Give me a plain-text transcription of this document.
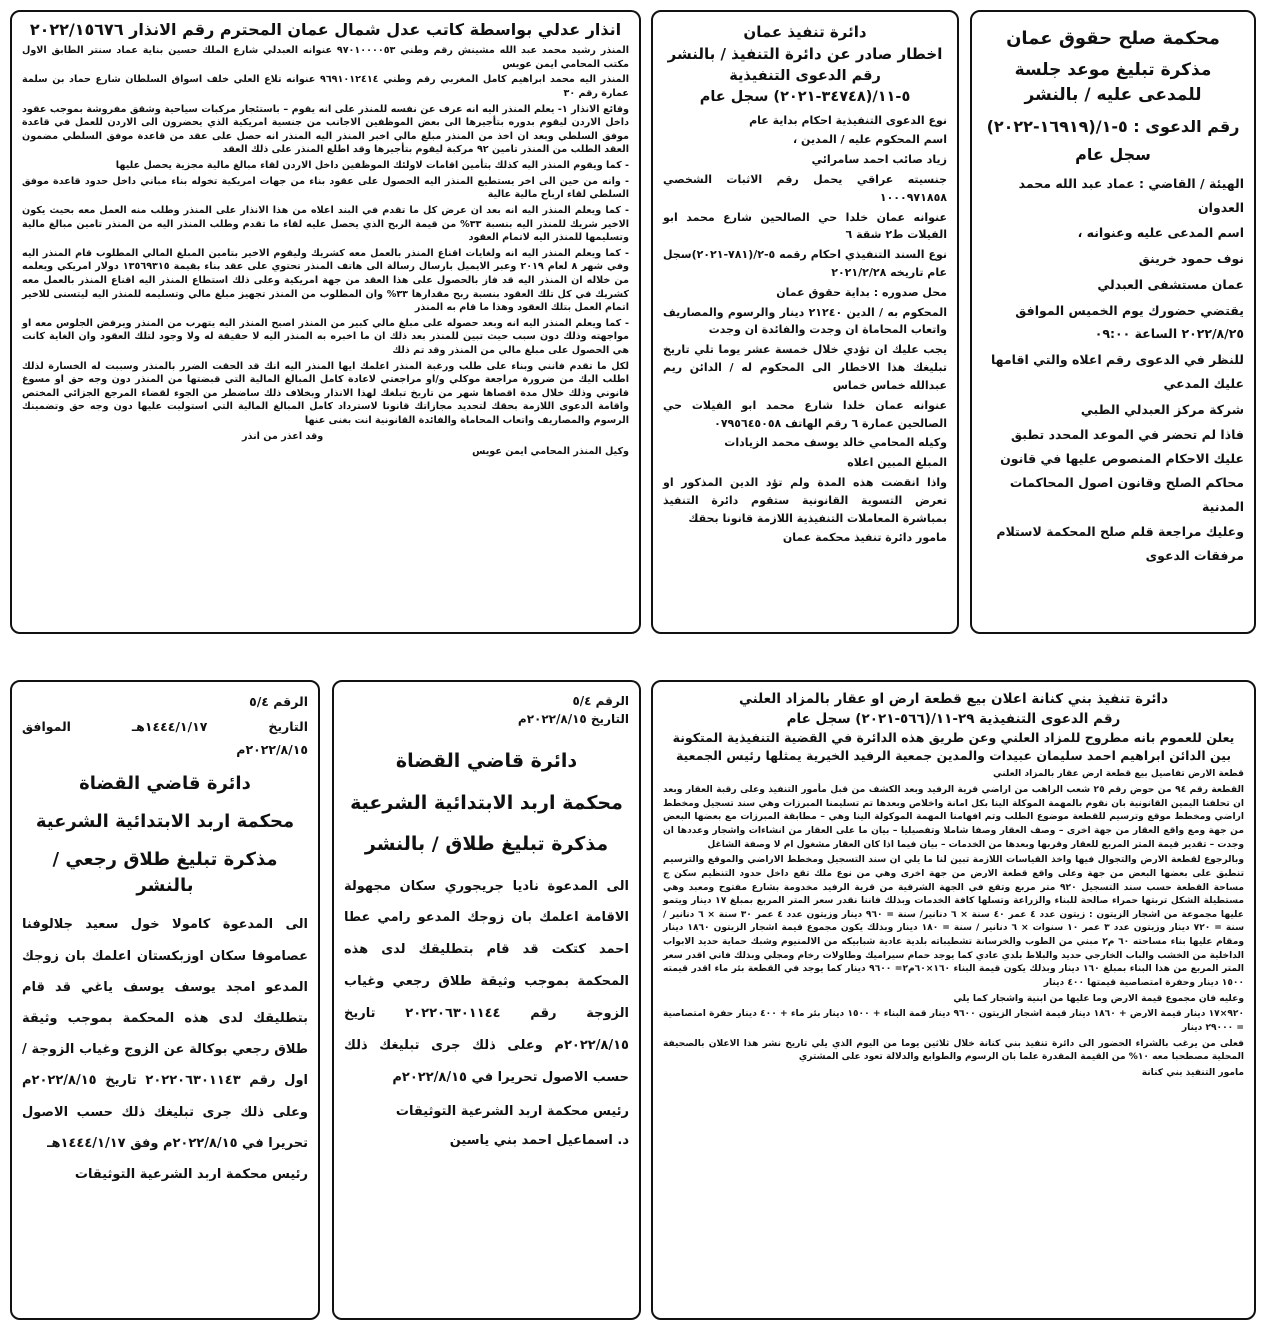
محكمة صلح حقوق عمان
مذكرة تبليغ موعد جلسة للمدعى عليه / بالنشر
رقم الدعوى : ٥-١/(١٦٩١٩-٢٠٢٢)
سجل عام
الهيئة / القاضي : عماد عبد الله محمد العدوان
اسم المدعى عليه وعنوانه ،
نوف حمود خرينق
عمان مستشفى العبدلي
يقتضي حضورك يوم الخميس الموافق ٢٠٢٢/٨/٢٥ الساعة ٠٩:٠٠
للنظر في الدعوى رقم اعلاه والتي اقامها عليك المدعي
شركة مركز العبدلي الطبي
فاذا لم تحضر في الموعد المحدد تطبق عليك الاحكام المنصوص عليها في قانون محاكم الصلح وقانون اصول المحاكمات المدنية
وعليك مراجعة قلم صلح المحكمة لاستلام مرفقات الدعوى
دائرة تنفيذ عمان
اخطار صادر عن دائرة التنفيذ / بالنشر
رقم الدعوى التنفيذية ٥-١١/(٣٤٧٤٨-٢٠٢١) سجل عام
نوع الدعوى التنفيذية احكام بداية عام
اسم المحكوم عليه / المدين ،
زياد صائب احمد سامرائي
جنسيته عراقي يحمل رقم الاثبات الشخصي ١٠٠٠٩٧١٨٥٨
عنوانه عمان خلدا حي الصالحين شارع محمد ابو الفيلات ط٢ شقة ٦
نوع السند التنفيذي احكام رقمه ٥-٢/(٧٨١-٢٠٢١)سجل عام تاريخه ٢٠٢١/٢/٢٨
محل صدوره : بداية حقوق عمان
المحكوم به / الدين ٢١٢٤٠ دينار والرسوم والمصاريف واتعاب المحاماة ان وجدت والفائدة ان وجدت
يجب عليك ان تؤدي خلال خمسة عشر يوما تلي تاريخ تبليغك هذا الاخطار الى المحكوم له / الدائن ريم عبدالله خماس خماس
عنوانه عمان خلدا شارع محمد ابو الفيلات حي الصالحين عمارة ٦ رقم الهاتف ٠٧٩٥٦٤٥٠٥٨
وكيله المحامي خالد يوسف محمد الزيادات
المبلغ المبين اعلاه
واذا انقضت هذه المدة ولم تؤد الدين المذكور او تعرض التسوية القانونية ستقوم دائرة التنفيذ بمباشرة المعاملات التنفيذية اللازمة قانونا بحقك
مامور دائرة تنفيذ محكمة عمان
انذار عدلي بواسطة كاتب عدل شمال عمان المحترم رقم الانذار ٢٠٢٢/١٥٦٧٦
المنذر رشيد محمد عبد الله مشينش رقم وطني ٩٧٠١٠٠٠٠٥٣ عنوانه العبدلي شارع الملك حسين بناية عماد سنتر الطابق الاول مكتب المحامي ايمن عويس
المنذر اليه محمد ابراهيم كامل المغربي رقم وطني ٩٦٩١٠١٢٤١٤ عنوانه تلاع العلي خلف اسواق السلطان شارع حماد بن سلمة عمارة رقم ٣٠
وقائع الانذار ١- يعلم المنذر اليه انه عرف عن نفسه للمنذر على انه يقوم – باستئجار مركبات سياحية وشقق مفروشة بموجب عقود داخل الاردن ليقوم بدوره بتأجيرها الى بعض الموظفين الاجانب من جنسية امريكية الذي يحضرون الى الاردن للعمل في قاعدة موفق السلطي وبعد ان اخذ من المنذر مبلغ مالي اخبر المنذر اليه المنذر انه حصل على عقد من قاعدة موفق السلطي مضمون العقد الطلب من المنذر تامين ٩٢ مركبة ليقوم بتأجيرها وقد اطلع المنذر على ذلك العقد
- كما ويقوم المنذر اليه كذلك بتأمين اقامات لاولئك الموظفين داخل الاردن لقاء مبالغ مالية مجزية يحصل عليها
- وانه من حين الى اخر يستطيع المنذر اليه الحصول على عقود بناء من جهات امريكية تخوله بناء مباني داخل حدود قاعدة موفق السلطي لقاء ارباح مالية عالية
- كما ويعلم المنذر اليه انه بعد ان عرض كل ما تقدم في البند اعلاه من هذا الانذار على المنذر وطلب منه العمل معه بحيث يكون الاخير شريك للمنذر اليه بنسبة ٣٣% من قيمة الربح الذي يحصل عليه لقاء ما تقدم وطلب المنذر اليه من المنذر تامين مبالغ مالية وتسليمها للمنذر اليه لاتمام العقود
- كما ويعلم المنذر اليه انه ولغايات اقناع المنذر بالعمل معه كشريك وليقوم الاخير بتامين المبلغ المالي المطلوب قام المنذر اليه وفي شهر ٨ لعام ٢٠١٩ وعبر الايميل بارسال رسالة الى هاتف المنذر تحتوي على عقد بناء بقيمة ١٣٥٦٩٣١٥ دولار امريكي ويعلمه من خلاله ان المنذر اليه قد فاز بالحصول على هذا العقد من جهة امريكية وعلى ذلك استطاع المنذر اليه اقناع المنذر بالعمل معه كشريك في كل تلك العقود بنسبة ربح مقدارها ٣٣% وان المطلوب من المنذر تجهيز مبلغ مالي وتسليمه للمنذر اليه ليتسنى للاخير اتمام العمل بتلك العقود وهذا ما قام به المنذر
- كما ويعلم المنذر اليه انه وبعد حصوله على مبلغ مالي كبير من المنذر اصبح المنذر اليه يتهرب من المنذر ويرفض الجلوس معه او مواجهته وذلك دون سبب حيث تبين للمنذر بعد ذلك ان ما اخبره به المنذر اليه لا حقيقة له ولا وجود لتلك العقود وان الغاية كانت هي الحصول على مبلغ مالي من المنذر وقد تم ذلك
لكل ما تقدم فانني وبناء على طلب ورغبة المنذر اعلمك ايها المنذر اليه انك قد الحقت الضرر بالمنذر وسببت له الخسارة لذلك اطلب اليك من ضرورة مراجعة موكلي و/او مراجعتي لاعادة كامل المبالغ المالية التي قبضتها من المنذر دون وجه حق او مسوغ قانوني وذلك خلال مدة اقصاها شهر من تاريخ تبلغك لهذا الانذار وبخلاف ذلك ساضطر من الجوء لقضاء المرجع الجزائي المختص واقامة الدعوى اللازمة بحقك لتحديد مجازاتك قانونا لاسترداد كامل المبالغ المالية التي استوليت عليها دون وجه حق وتضمينك الرسوم والمصاريف واتعاب المحاماة والفائدة القانونية انت بغنى عنها
وقد اعذر من انذر
وكيل المنذر المحامي ايمن عويس
دائرة تنفيذ بني كنانة اعلان بيع قطعة ارض او عقار بالمزاد العلني
رقم الدعوى التنفيذية ٢٩-١١/(٥٦٦-٢٠٢١) سجل عام
يعلن للعموم بانه مطروح للمزاد العلني وعن طريق هذه الدائرة في القضية التنفيذية المتكونة بين الدائن ابراهيم احمد سليمان عبيدات والمدين جمعية الرفيد الخيرية يمثلها رئيس الجمعية
قطعة الارض تفاصيل بيع قطعة ارض عقار بالمزاد العلني
القطعة رقم ٩٤ من حوض رقم ٢٥ شعب الراهب من اراضي قرية الرفيد وبعد الكشف من قبل مأمور التنفيذ وعلى رقبة العقار وبعد ان تحلفنا اليمين القانونية بان نقوم بالمهمة الموكلة الينا بكل امانة واخلاص وبعدها تم تسليمنا المبرزات وهي سند تسجيل ومخطط اراضي ومخطط موقع وترسيم للقطعة موضوع الطلب وتم افهامنا المهمة الموكولة الينا وهي – مطابقة المبرزات مع بعضها البعض من جهة ومع واقع العقار من جهة اخرى – وصف العقار وصفا شاملا وتفصيليا – بيان ما على العقار من انشاءات واشجار وعددها ان وجدت – تقدير قيمة المتر المربع للعقار وقربها وبعدها من الخدمات – بيان فيما اذا كان العقار مشغول ام لا وصفة الشاغل
وبالرجوع لقطعة الارض والتجوال فيها واخذ القياسات اللازمة تبين لنا ما يلي ان سند التسجيل ومخطط الاراضي والموقع والترسيم تنطبق على بعضها البعض من جهة وعلى واقع قطعة الارض من جهة اخرى وهي من نوع ملك تقع داخل حدود التنظيم سكن ج مساحة القطعة حسب سند التسجيل ٩٢٠ متر مربع وتقع في الجهة الشرقية من قرية الرفيد مخدومة بشارع مفتوح ومعبد وهي مستطيلة الشكل تربتها حمراء صالحة للبناء والزراعة وتسلها كافة الخدمات وبذلك فاننا نقدر سعر المتر المربع بمبلغ ١٧ دينار ويتمو عليها مجموعة من اشجار الزيتون : زيتون عدد ٤ عمر ٤٠ سنة × ٦ دنانير/ سنة = ٩٦٠ دينار وزيتون عدد ٤ عمر ٣٠ سنة × ٦ دنانير / سنة = ٧٢٠ دينار وزيتون عدد ٣ عمر ١٠ سنوات × ٦ دنانير / سنة = ١٨٠ دينار وبذلك يكون مجموع قيمة اشجار الزيتون ١٨٦٠ دينار ومقام عليها بناء مساحته ٦٠ م٢ مبني من الطوب والخرسانة تشطيباته بلدية عادية شبابيكه من الالمنيوم وشبك حماية حديد الابواب الداخلية من الخشب والباب الخارجي حديد والبلاط بلدي عادي كما يوجد حمام سيراميك وطاولات رخام ومجلي وبذلك فاني اقدر سعر المتر المربع من هذا البناء بمبلغ ١٦٠ دينار وبذلك يكون قيمة البناء ١٦٠×٦٠م٢= ٩٦٠٠ دينار كما يوجد في القطعة بئر ماء اقدر قيمته ١٥٠٠ دينار وحفرة امتصاصية قيمتها ٤٠٠ دينار
وعليه فان مجموع قيمة الارض وما عليها من ابنية واشجار كما يلي
٩٢٠×١٧ دينار قيمة الارض + ١٨٦٠ دينار قيمة اشجار الزيتون ٩٦٠٠ دينار قمة البناء + ١٥٠٠ دينار بئر ماء + ٤٠٠ دينار حفرة امتصاصية = ٢٩٠٠٠ دينار
فعلى من يرغب بالشراء الحضور الى دائرة تنفيذ بني كنانة خلال ثلاثين يوما من اليوم الذي يلي تاريخ نشر هذا الاعلان بالصحيفة المحلية مصطحبا معه ١٠% من القيمة المقدرة علما بان الرسوم والطوابع والدلالة تعود على المشتري
مامور التنفيذ بني كنانة
الرقم ٥/٤
التاريخ ٢٠٢٢/٨/١٥م
دائرة قاضي القضاة
محكمة اربد الابتدائية الشرعية
مذكرة تبليغ طلاق / بالنشر
الى المدعوة ناديا جريجوري سكان مجهولة الاقامة اعلمك بان زوجك المدعو رامي عطا احمد كتكت قد قام بتطليقك لدى هذه المحكمة بموجب وثيقة طلاق رجعي وغياب الزوجة رقم ٢٠٢٢٠٦٣٠١١٤٤ تاريخ ٢٠٢٢/٨/١٥م وعلى ذلك جرى تبليغك ذلك حسب الاصول تحريرا في ٢٠٢٢/٨/١٥م
رئيس محكمة اربد الشرعية التوثيقات
د. اسماعيل احمد بني ياسين
الرقم ٥/٤
التاريخ
١٤٤٤/١/١٧هـ
الموافق
٢٠٢٢/٨/١٥م
دائرة قاضي القضاة
محكمة اربد الابتدائية الشرعية
مذكرة تبليغ طلاق رجعي / بالنشر
الى المدعوة كامولا خول سعيد جلالوفنا عصاموفا سكان اوزبكستان اعلمك بان زوجك المدعو امجد يوسف يوسف ياغي قد قام بتطليقك لدى هذه المحكمة بموجب وثيقة طلاق رجعي بوكالة عن الزوج وغياب الزوجة /اول رقم ٢٠٢٢٠٦٣٠١١٤٣ تاريخ ٢٠٢٢/٨/١٥م وعلى ذلك جرى تبليغك ذلك حسب الاصول تحريرا في ٢٠٢٢/٨/١٥م وفق ١٤٤٤/١/١٧هـ
رئيس محكمة اربد الشرعية التوثيقات
